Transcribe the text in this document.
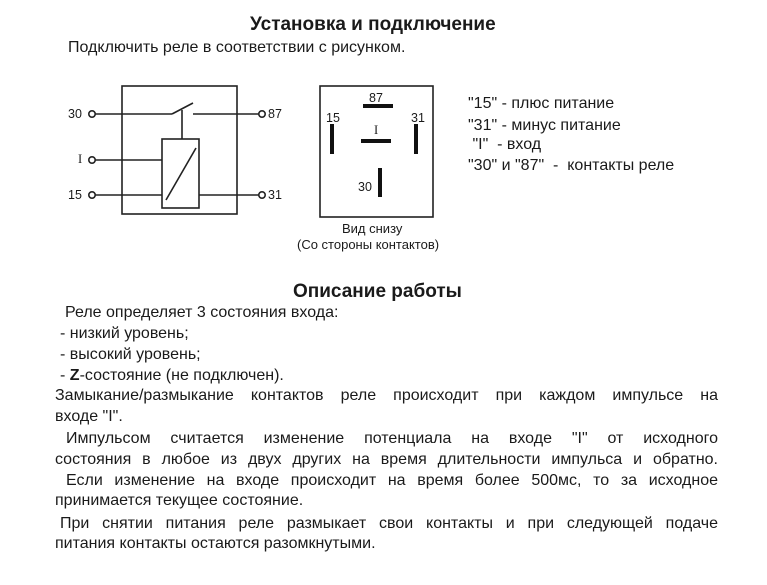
Установка и подключение
Подключить реле в соответствии с рисунком.
30
I
15
87
31
87
15	31
I
30
Вид снизу
(Со стороны контактов)
"15" - плюс питание
"31" - минус питание
"I"  - вход
"30" и "87"  -  контакты реле
Описание работы
Реле определяет 3 состояния входа:
- низкий уровень;
- высокий уровень;
- Z-состояние (не подключен).
Замыкание/размыкание контактов реле происходит при каждом импульсе на
входе "I".
Импульсом считается изменение потенциала на входе "I" от исходного
состояния в любое из двух других на время длительности импульса и обратно.
Если изменение на входе происходит на время более 500мс, то за исходное
принимается текущее состояние.
При снятии питания реле размыкает свои контакты и при следующей подаче
питания контакты остаются разомкнутыми.
